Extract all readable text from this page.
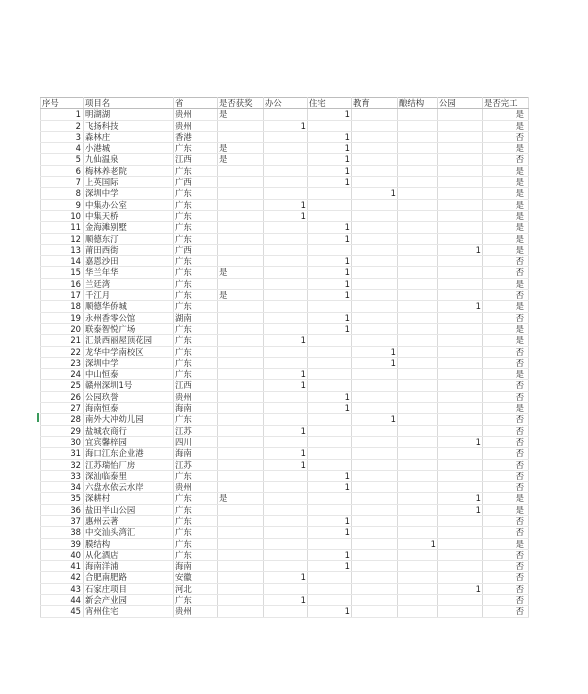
序号	项目名	省	是否获奖	办公	住宅	教育	酿结构	公园	是否完工
1	明湖湖	贵州	是		1				是
2	飞扬科技	贵州		1					是
3	森林庄	香港			1				否
4	小港城	广东	是		1				是
5	九仙温泉	江西	是		1				否
6	梅林养老院	广东			1				是
7	上英国际	广西			1				是
8	深圳中学	广东				1			是
9	中集办公室	广东		1					是
10	中集天桥	广东		1					是
11	金海滩别墅	广东			1				是
12	顺德东汀	广东			1				是
13	莆田西街	广西						1	是
14	嘉恩沙田	广东			1				否
15	华兰年华	广东	是		1				否
16	兰廷湾	广东			1				是
17	千江月	广东	是		1				否
18	顺德华侨城	广东						1	是
19	永州香零公馆	湖南			1				否
20	联泰智悦广场	广东			1				是
21	汇景西丽屋顶花园	广东		1					是
22	龙华中学南校区	广东				1			否
23	深圳中学	广东				1			否
24	中山恒泰	广东		1					是
25	赣州深圳1号	江西		1					否
26	公园玖誉	贵州			1				否
27	海南恒泰	海南			1				是
28	南外大冲幼儿园	广东				1			否
29	盐城农商行	江苏		1					否
30	宜宾馨梓园	四川						1	否
31	海口江东企业港	海南		1					否
32	江苏瑞怡厂房	江苏		1					否
33	深汕临泰里	广东			1				否
34	六盘水依云水岸	贵州			1				否
35	深耕村	广东	是					1	是
36	盐田半山公园	广东						1	是
37	惠州云著	广东			1				否
38	中交汕头湾汇	广东			1				否
39	膜结构	广东					1		是
40	从化酒店	广东			1				否
41	海南洋浦	海南			1				否
42	合肥南肥路	安徽		1					否
43	石家庄项目	河北						1	否
44	新会产业园	广东		1					否
45	宵州住宅	贵州			1				否
